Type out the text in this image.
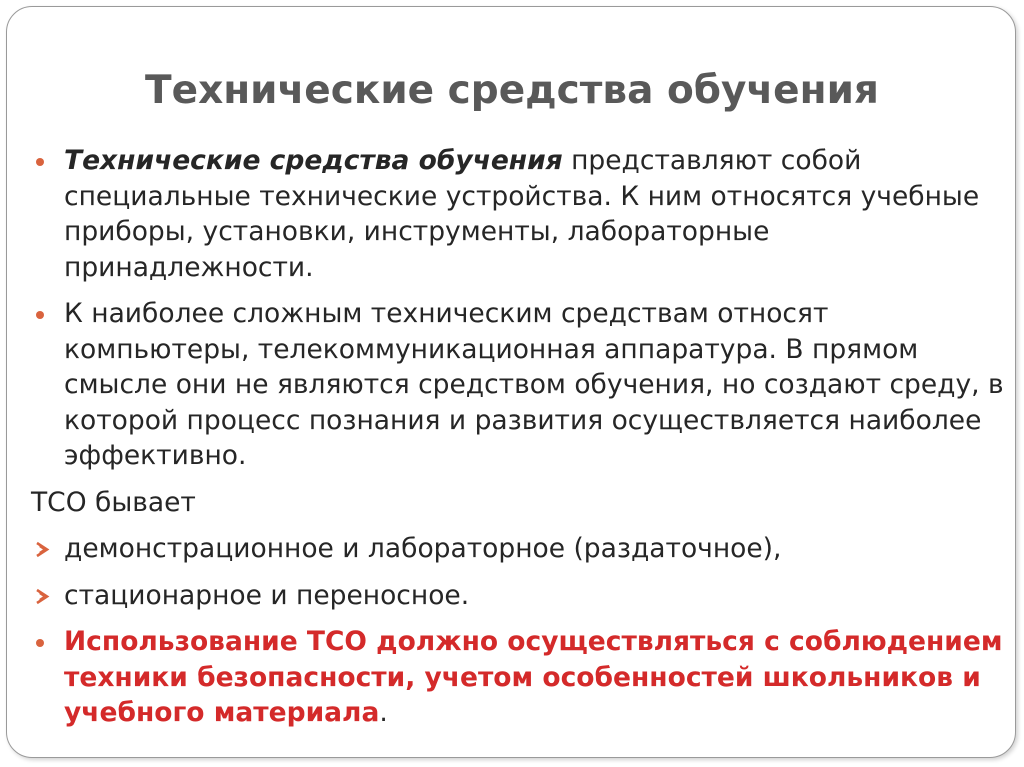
Технические средства обучения
Технические средства обучения представляют собой специальные технические устройства. К ним относятся учебные приборы, установки, инструменты, лабораторные принадлежности.
К наиболее сложным техническим средствам относят компьютеры, телекоммуникационная аппаратура. В прямом смысле они не являются средством обучения, но создают среду, в которой процесс познания и развития осуществляется наиболее эффективно.
ТСО бывает
демонстрационное и лабораторное (раздаточное),
стационарное и переносное.
Использование ТСО должно осуществляться с соблюдением техники безопасности, учетом особенностей школьников и учебного материала.
